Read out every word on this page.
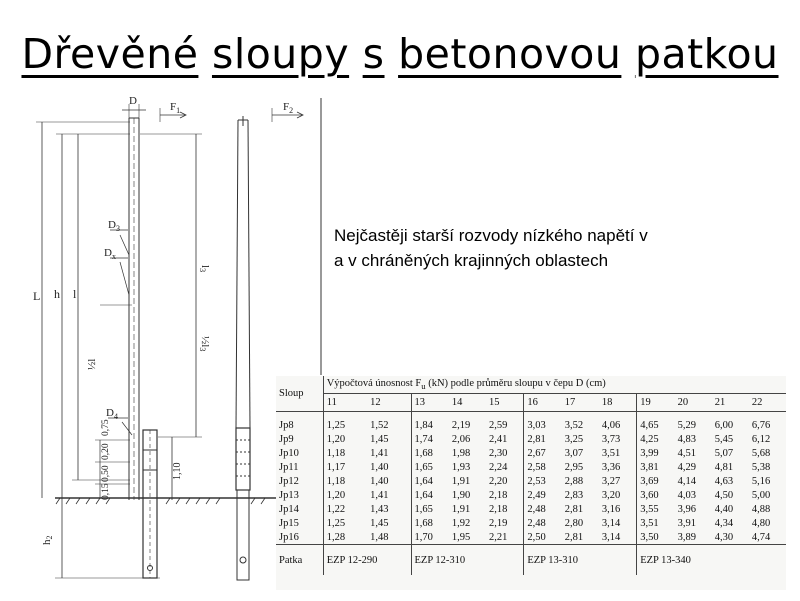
Dřevěné sloupy s betonovou patkou
Nejčastěji starší rozvody nízkého napětí v
a v chráněných krajinných oblastech
D	$F_1$	$F_2$
$D_3$
$D_x$
$D_4$
L h l
l3
½l3
½l
0,20
0,75
0,50
0,15
1,10
h2
Sloup	Výpočtová únosnost $F_u$ (kN) podle průměru sloupu v čepu D (cm)											
	11	12	13	14	15	16	17	18	19	20	21	22
Jp8	1,25	1,52	1,84	2,19	2,59	3,03	3,52	4,06	4,65	5,29	6,00	6,76
Jp9	1,20	1,45	1,74	2,06	2,41	2,81	3,25	3,73	4,25	4,83	5,45	6,12
Jp10	1,18	1,41	1,68	1,98	2,30	2,67	3,07	3,51	3,99	4,51	5,07	5,68
Jp11	1,17	1,40	1,65	1,93	2,24	2,58	2,95	3,36	3,81	4,29	4,81	5,38
Jp12	1,18	1,40	1,64	1,91	2,20	2,53	2,88	3,27	3,69	4,14	4,63	5,16
Jp13	1,20	1,41	1,64	1,90	2,18	2,49	2,83	3,20	3,60	4,03	4,50	5,00
Jp14	1,22	1,43	1,65	1,91	2,18	2,48	2,81	3,16	3,55	3,96	4,40	4,88
Jp15	1,25	1,45	1,68	1,92	2,19	2,48	2,80	3,14	3,51	3,91	4,34	4,80
Jp16	1,28	1,48	1,70	1,95	2,21	2,50	2,81	3,14	3,50	3,89	4,30	4,74
Patka	EZP 12-290		EZP 12-310			EZP 13-310			EZP 13-340			
